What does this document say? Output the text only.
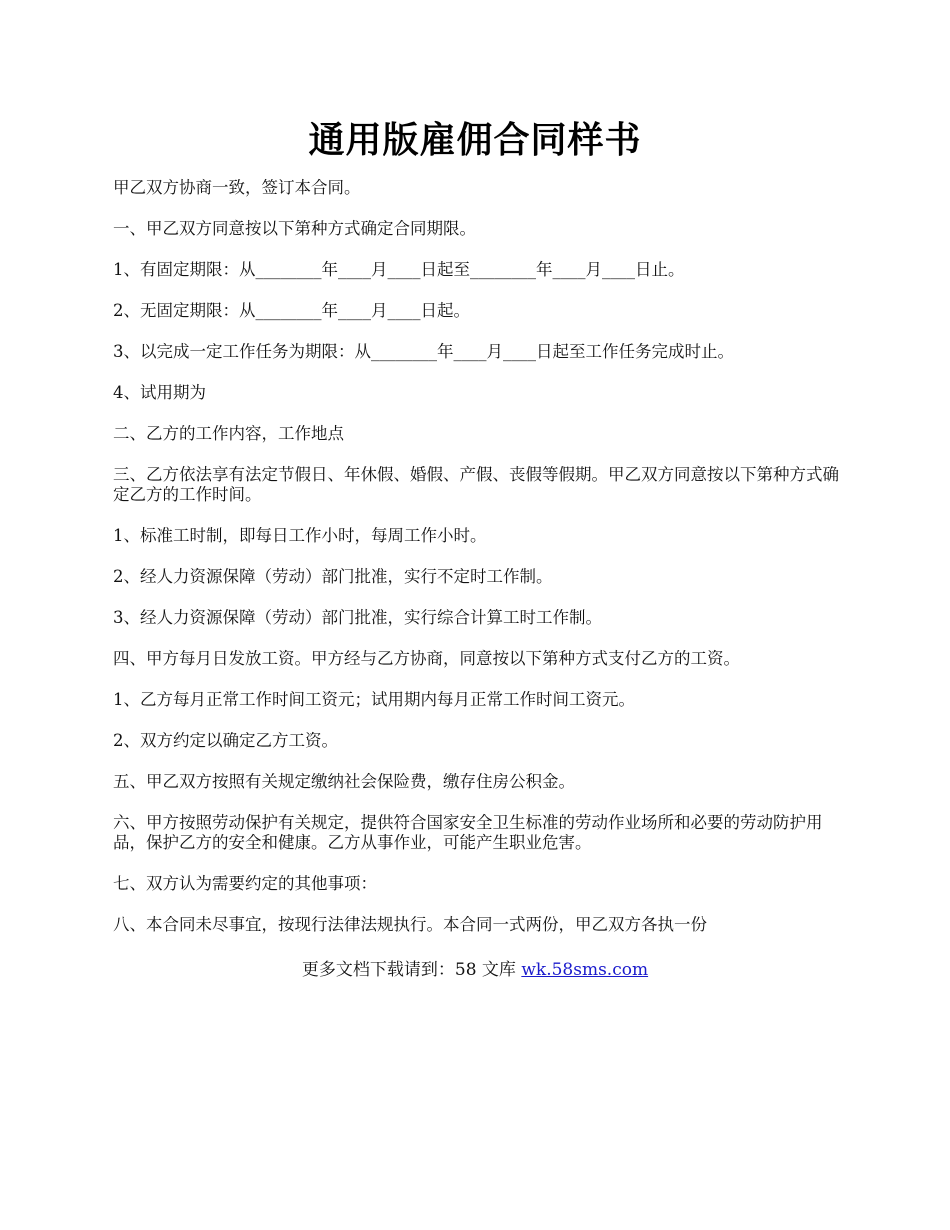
通用版雇佣合同样书

甲乙双方协商一致，签订本合同。

一、甲乙双方同意按以下第种方式确定合同期限。

1、有固定期限：从________年____月____日起至________年____月____日止。

2、无固定期限：从________年____月____日起。

3、以完成一定工作任务为期限：从________年____月____日起至工作任务完成时止。

4、试用期为

二、乙方的工作内容，工作地点

三、乙方依法享有法定节假日、年休假、婚假、产假、丧假等假期。甲乙双方同意按以下第种方式确定乙方的工作时间。

1、标准工时制，即每日工作小时，每周工作小时。

2、经人力资源保障（劳动）部门批准，实行不定时工作制。

3、经人力资源保障（劳动）部门批准，实行综合计算工时工作制。

四、甲方每月日发放工资。甲方经与乙方协商，同意按以下第种方式支付乙方的工资。

1、乙方每月正常工作时间工资元；试用期内每月正常工作时间工资元。

2、双方约定以确定乙方工资。

五、甲乙双方按照有关规定缴纳社会保险费，缴存住房公积金。

六、甲方按照劳动保护有关规定，提供符合国家安全卫生标准的劳动作业场所和必要的劳动防护用品，保护乙方的安全和健康。乙方从事作业，可能产生职业危害。

七、双方认为需要约定的其他事项：

八、本合同未尽事宜，按现行法律法规执行。本合同一式两份，甲乙双方各执一份

更多文档下载请到：58 文库 wk.58sms.com
